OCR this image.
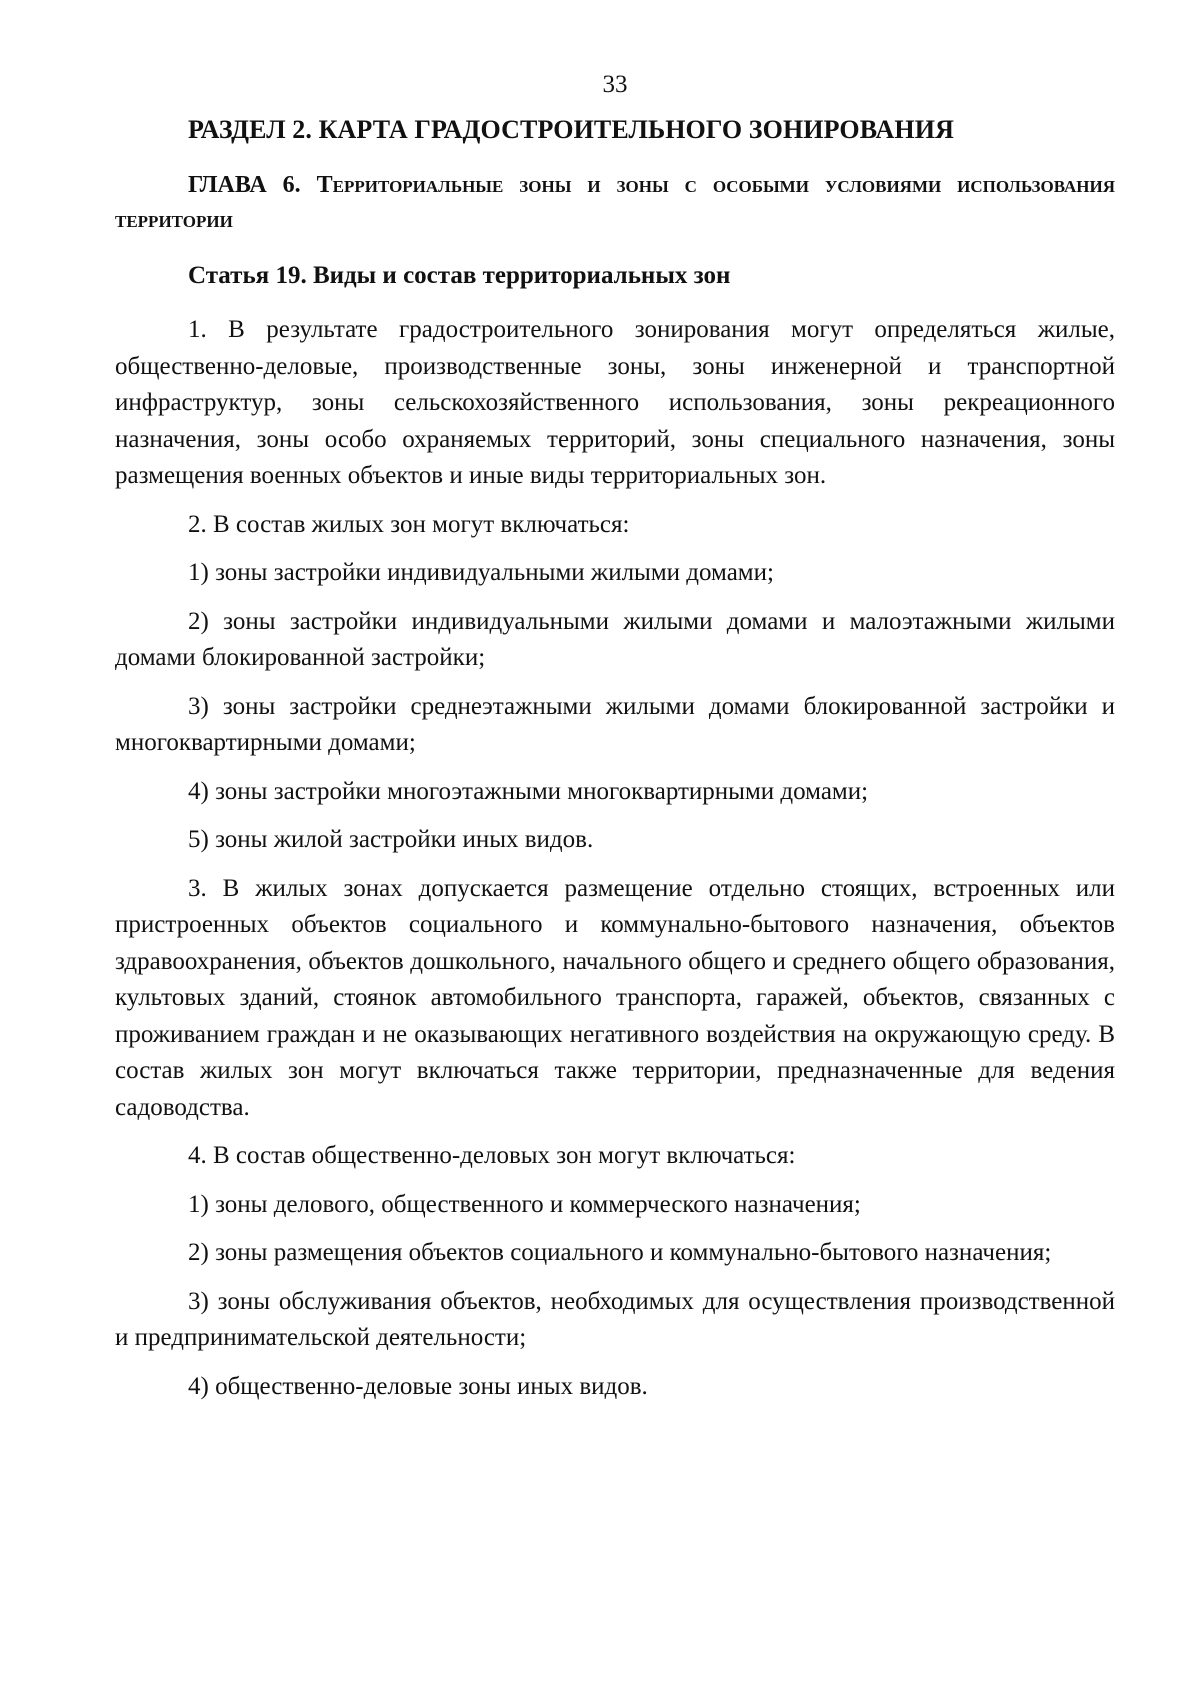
33
РАЗДЕЛ 2. КАРТА ГРАДОСТРОИТЕЛЬНОГО ЗОНИРОВАНИЯ
ГЛАВА 6. Территориальные зоны и зоны с особыми условиями использования территории
Статья 19. Виды и состав территориальных зон

1. В результате градостроительного зонирования могут определяться жилые, общественно-деловые, производственные зоны, зоны инженерной и транспортной инфраструктур, зоны сельскохозяйственного использования, зоны рекреационного назначения, зоны особо охраняемых территорий, зоны специального назначения, зоны размещения военных объектов и иные виды территориальных зон.

2. В состав жилых зон могут включаться:

1) зоны застройки индивидуальными жилыми домами;

2) зоны застройки индивидуальными жилыми домами и малоэтажными жилыми домами блокированной застройки;

3) зоны застройки среднеэтажными жилыми домами блокированной застройки и многоквартирными домами;

4) зоны застройки многоэтажными многоквартирными домами;

5) зоны жилой застройки иных видов.

3. В жилых зонах допускается размещение отдельно стоящих, встроенных или пристроенных объектов социального и коммунально-бытового назначения, объектов здравоохранения, объектов дошкольного, начального общего и среднего общего образования, культовых зданий, стоянок автомобильного транспорта, гаражей, объектов, связанных с проживанием граждан и не оказывающих негативного воздействия на окружающую среду. В состав жилых зон могут включаться также территории, предназначенные для ведения садоводства.

4. В состав общественно-деловых зон могут включаться:

1) зоны делового, общественного и коммерческого назначения;

2) зоны размещения объектов социального и коммунально-бытового назначения;

3) зоны обслуживания объектов, необходимых для осуществления производственной и предпринимательской деятельности;

4) общественно-деловые зоны иных видов.
